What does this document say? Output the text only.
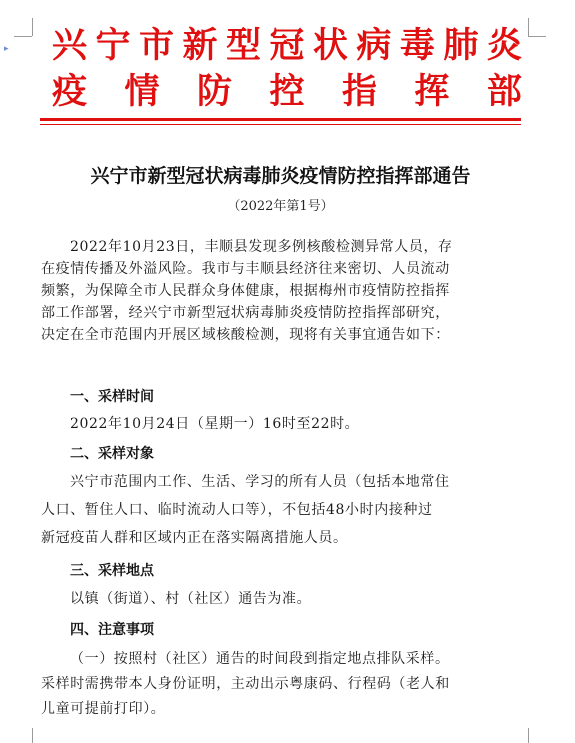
▸ 兴 宁 市 新 型 冠 状 病 毒 肺 炎
疫 情 防 控 指 挥 部
兴宁市新型冠状病毒肺炎疫情防控指挥部通告
（2022年第1号）
2022年10月23日，丰顺县发现多例核酸检测异常人员，存
在疫情传播及外溢风险。我市与丰顺县经济往来密切、人员流动
频繁，为保障全市人民群众身体健康，根据梅州市疫情防控指挥
部工作部署，经兴宁市新型冠状病毒肺炎疫情防控指挥部研究，
决定在全市范围内开展区域核酸检测，现将有关事宜通告如下：
一、采样时间
2022年10月24日（星期一）16时至22时。
二、采样对象
兴宁市范围内工作、生活、学习的所有人员（包括本地常住
人口、暂住人口、临时流动人口等），不包括48小时内接种过
新冠疫苗人群和区域内正在落实隔离措施人员。
三、采样地点
以镇（街道）、村（社区）通告为准。
四、注意事项
（一）按照村（社区）通告的时间段到指定地点排队采样。
采样时需携带本人身份证明，主动出示粤康码、行程码（老人和
儿童可提前打印）。
